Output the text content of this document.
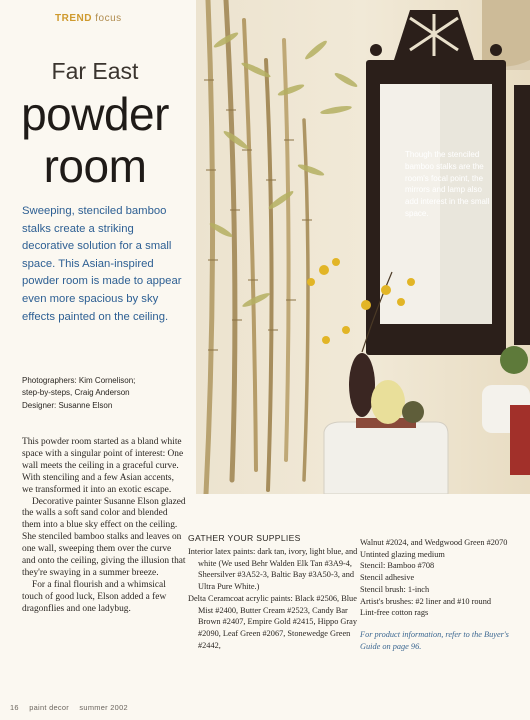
TREND focus
Far East
powder
room
Sweeping, stenciled bamboo stalks create a striking decorative solution for a small space. This Asian-inspired powder room is made to appear even more spacious by sky effects painted on the ceiling.
Photographers: Kim Cornelison;
step-by-steps, Craig Anderson
Designer: Susanne Elson

This powder room started as a bland white space with a singular point of interest: One wall meets the ceiling in a graceful curve. With stenciling and a few Asian accents, we transformed it into an exotic escape.

Decorative painter Susanne Elson glazed the walls a soft sand color and blended them into a blue sky effect on the ceiling. She stenciled bamboo stalks and leaves on one wall, sweeping them over the curve and onto the ceiling, giving the illusion that they're swaying in a summer breeze.

For a final flourish and a whimsical touch of good luck, Elson added a few dragonflies and one ladybug.

Though the stenciled bamboo stalks are the room's focal point, the mirrors and lamp also add interest in the small space.
GATHER YOUR SUPPLIES
Interior latex paints: dark tan, ivory, light blue, and white (We used Behr Walden Elk Tan #3A9-4, Sheersilver #3A52-3, Baltic Bay #3A50-3, and Ultra Pure White.)
Delta Ceramcoat acrylic paints: Black #2506, Blue Mist #2400, Butter Cream #2523, Candy Bar Brown #2407, Empire Gold #2415, Hippo Gray #2090, Leaf Green #2067, Stonewedge Green #2442,
Walnut #2024, and Wedgwood Green #2070
Untinted glazing medium
Stencil: Bamboo #708
Stencil adhesive
Stencil brush: 1-inch
Artist's brushes: #2 liner and #10 round
Lint-free cotton rags
For product information, refer to the Buyer's Guide on page 96.
16 paint decor summer 2002
